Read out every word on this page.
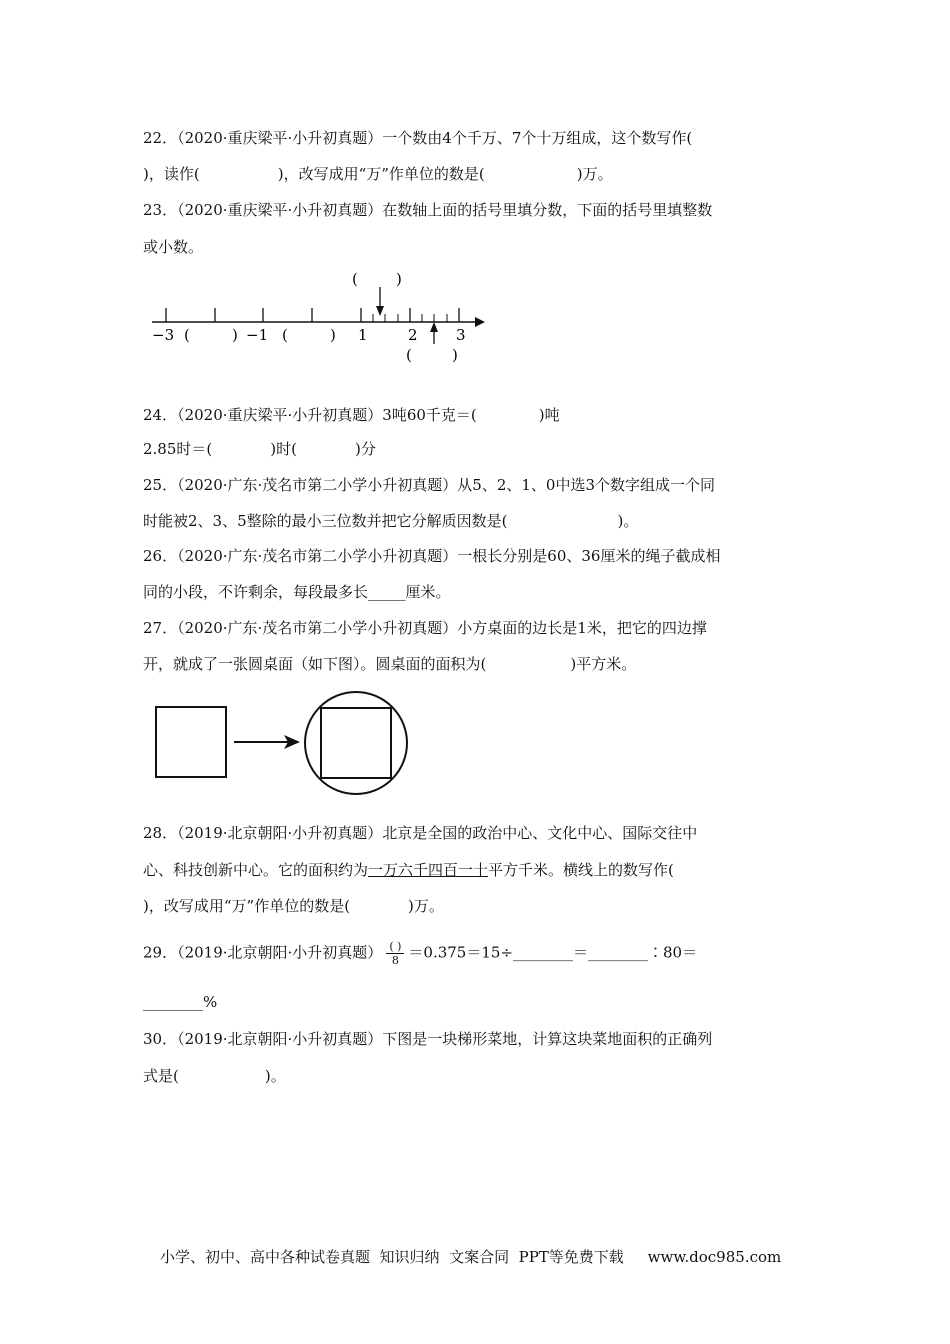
22．（2020·重庆梁平·小升初真题）一个数由4个千万、7个十万组成，这个数写作(
)，读作(	)，改写成用“万”作单位的数是(	)万。
23．（2020·重庆梁平·小升初真题）在数轴上面的括号里填分数，下面的括号里填整数
或小数。
(	)
−3 (	) −1 (	) 1	2	3
(	)
24．（2020·重庆梁平·小升初真题）3吨60千克＝(	)吨
2.85时＝(	)时(	)分
25．（2020·广东·茂名市第二小学小升初真题）从5、2、1、0中选3个数字组成一个同
时能被2、3、5整除的最小三位数并把它分解质因数是(	)。
26．（2020·广东·茂名市第二小学小升初真题）一根长分别是60、36厘米的绳子截成相
同的小段，不许剩余，每段最多长_____厘米。
27．（2020·广东·茂名市第二小学小升初真题）小方桌面的边长是1米，把它的四边撑
开，就成了一张圆桌面（如下图）。圆桌面的面积为(	)平方米。
28．（2019·北京朝阳·小升初真题）北京是全国的政治中心、文化中心、国际交往中
心、科技创新中心。它的面积约为一万六千四百一十平方千米。横线上的数写作(
)，改写成用“万”作单位的数是(	)万。
29．（2019·北京朝阳·小升初真题） $\frac{( )}{8}$ ＝0.375＝15÷________＝________∶80＝
________%
30．（2019·北京朝阳·小升初真题）下图是一块梯形菜地，计算这块菜地面积的正确列
式是(	)。
小学、初中、高中各种试卷真题  知识归纳  文案合同  PPT等免费下载     www.doc985.com
